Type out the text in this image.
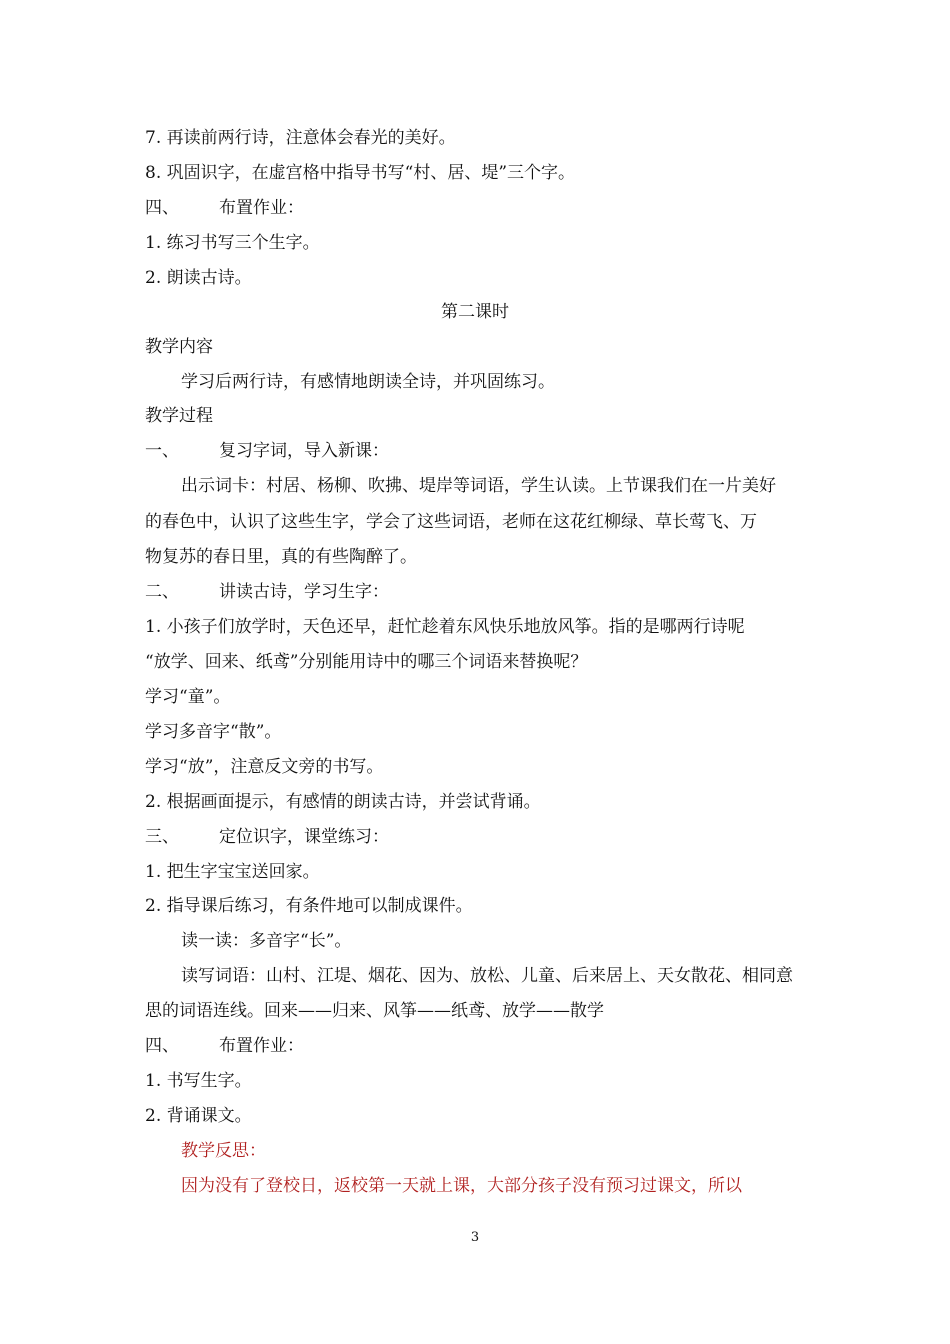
7. 再读前两行诗，注意体会春光的美好。
8. 巩固识字，在虚宫格中指导书写“村、居、堤”三个字。
四、 布置作业：
1. 练习书写三个生字。
2. 朗读古诗。
第二课时
教学内容
学习后两行诗，有感情地朗读全诗，并巩固练习。
教学过程
一、 复习字词，导入新课：
出示词卡：村居、杨柳、吹拂、堤岸等词语，学生认读。上节课我们在一片美好
的春色中，认识了这些生字，学会了这些词语，老师在这花红柳绿、草长莺飞、万
物复苏的春日里，真的有些陶醉了。
二、 讲读古诗，学习生字：
1. 小孩子们放学时，天色还早，赶忙趁着东风快乐地放风筝。指的是哪两行诗呢
“放学、回来、纸鸢”分别能用诗中的哪三个词语来替换呢？
学习“童”。
学习多音字“散”。
学习“放”，注意反文旁的书写。
2. 根据画面提示，有感情的朗读古诗，并尝试背诵。
三、 定位识字，课堂练习：
1. 把生字宝宝送回家。
2. 指导课后练习，有条件地可以制成课件。
读一读：多音字“长”。
读写词语：山村、江堤、烟花、因为、放松、儿童、后来居上、天女散花、相同意
思的词语连线。回来——归来、风筝——纸鸢、放学——散学
四、 布置作业：
1. 书写生字。
2. 背诵课文。
教学反思：
因为没有了登校日，返校第一天就上课，大部分孩子没有预习过课文，所以
3
